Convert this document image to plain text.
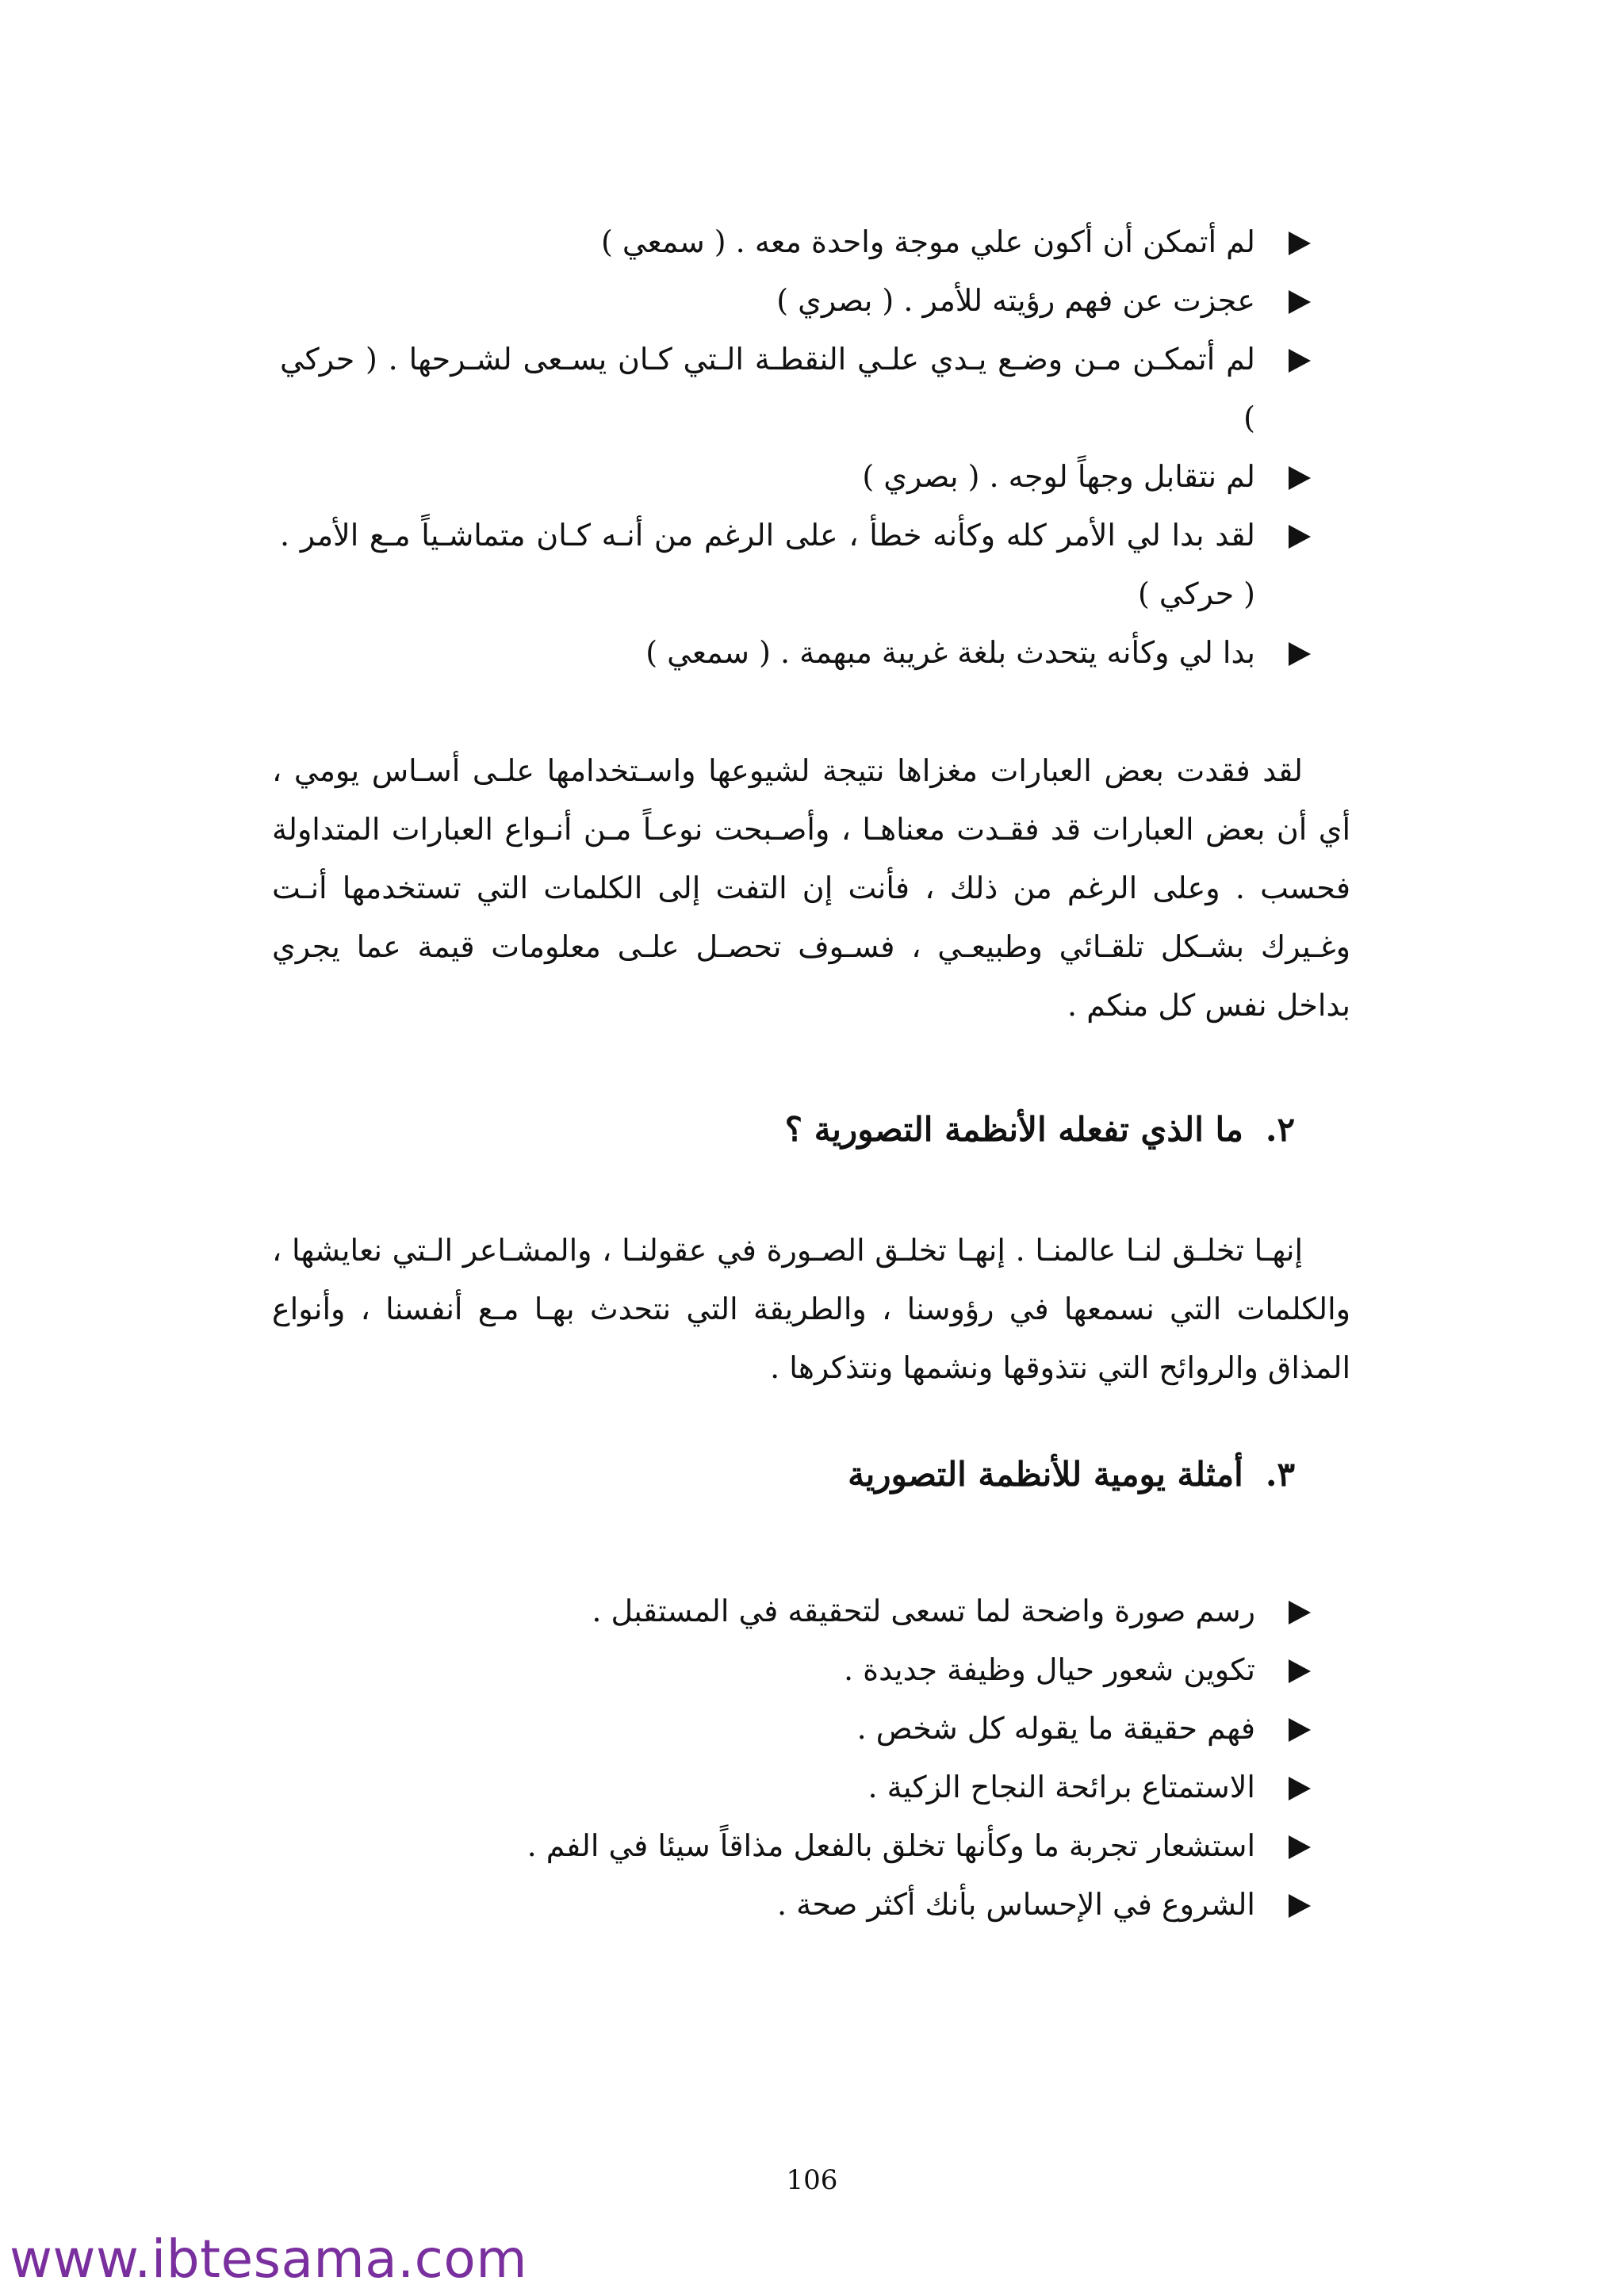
لم أتمكن أن أكون علي موجة واحدة معه . ( سمعي )
عجزت عن فهم رؤيته للأمر . ( بصري )
لم أتمكـن مـن وضـع يـدي علـي النقطـة الـتي كـان يسـعى لشـرحها . ( حركي )
لم نتقابل وجهاً لوجه . ( بصري )
لقد بدا لي الأمر كله وكأنه خطأ ، على الرغم من أنـه كـان متماشـياً مـع الأمر . ( حركي )
بدا لي وكأنه يتحدث بلغة غريبة مبهمة . ( سمعي )

لقد فقدت بعض العبارات مغزاها نتيجة لشيوعها واسـتخدامها علـى أسـاس يومي ، أي أن بعض العبارات قد فقـدت معناهـا ، وأصـبحت نوعـاً مـن أنـواع العبارات المتداولة فحسب . وعلى الرغم من ذلك ، فأنت إن التفت إلى الكلمات التي تستخدمها أنـت وغـيرك بشـكل تلقـائي وطبيعـي ، فسـوف تحصـل علـى معلومات قيمة عما يجري بداخل نفس كل منكم .

٢.ما الذي تفعله الأنظمة التصورية ؟

إنهـا تخلـق لنـا عالمنـا . إنهـا تخلـق الصـورة في عقولنـا ، والمشـاعر الـتي نعايشها ، والكلمات التي نسمعها في رؤوسنا ، والطريقة التي نتحدث بهـا مـع أنفسنا ، وأنواع المذاق والروائح التي نتذوقها ونشمها ونتذكرها .

٣.أمثلة يومية للأنظمة التصورية
رسم صورة واضحة لما تسعى لتحقيقه في المستقبل .
تكوين شعور حيال وظيفة جديدة .
فهم حقيقة ما يقوله كل شخص .
الاستمتاع برائحة النجاح الزكية .
استشعار تجربة ما وكأنها تخلق بالفعل مذاقاً سيئا في الفم .
الشروع في الإحساس بأنك أكثر صحة .
106
www.ibtesama.com
